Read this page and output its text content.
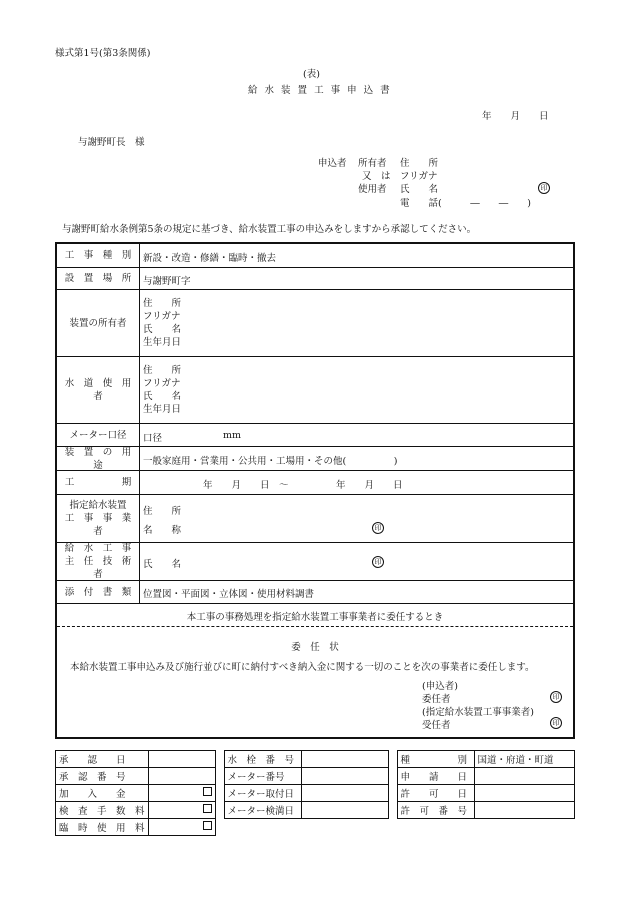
様式第1号(第3条関係)
(表)
給 水 装 置 工 事 申 込 書
年　　月　　日
与謝野町長　様
申込者 所有者
又　は
使用者
住　　所
フリガナ
氏　　名
電　　話(　　　―　　―　　)
印
与謝野町給水条例第5条の規定に基づき、給水装置工事の申込みをしますから承認してください。
工　事　種　別 新設・改造・修繕・臨時・撤去
設　置　場　所 与謝野町字
装置の所有者
住　　所
フリガナ
氏　　名
生年月日
水　道　使　用　者
住　　所
フリガナ
氏　　名
生年月日
メーター口径 口径	mm
装　置　の　用　途	一般家庭用・営業用・公共用・工場用・その他(　　　　　)
工　　　　　期	年　　月　　日　～　　　　　年　　月　　日
指定給水装置
工　事　事　業　者
住　　所
名　　称	印
給　水　工　事
主　任　技　術　者
氏　　名	印
添　付　書　類 位置図・平面図・立体図・使用材料調書
本工事の事務処理を指定給水装置工事事業者に委任するとき
委　任　状
本給水装置工事申込み及び施行並びに町に納付すべき納入金に関する一切のことを次の事業者に委任します。
(申込者)
委任者	印
(指定給水装置工事事業者)
受任者	印
承　　認　　日			水　栓　番　号			種　　　　　別	国道・府道・町道
承　認　番　号			メーター番号			申　　請　　日	
加　　入　　金			メーター取付日			許　　可　　日	
検　査　手　数　料			メーター検満日			許　可　番　号	
臨　時　使　用　料							
